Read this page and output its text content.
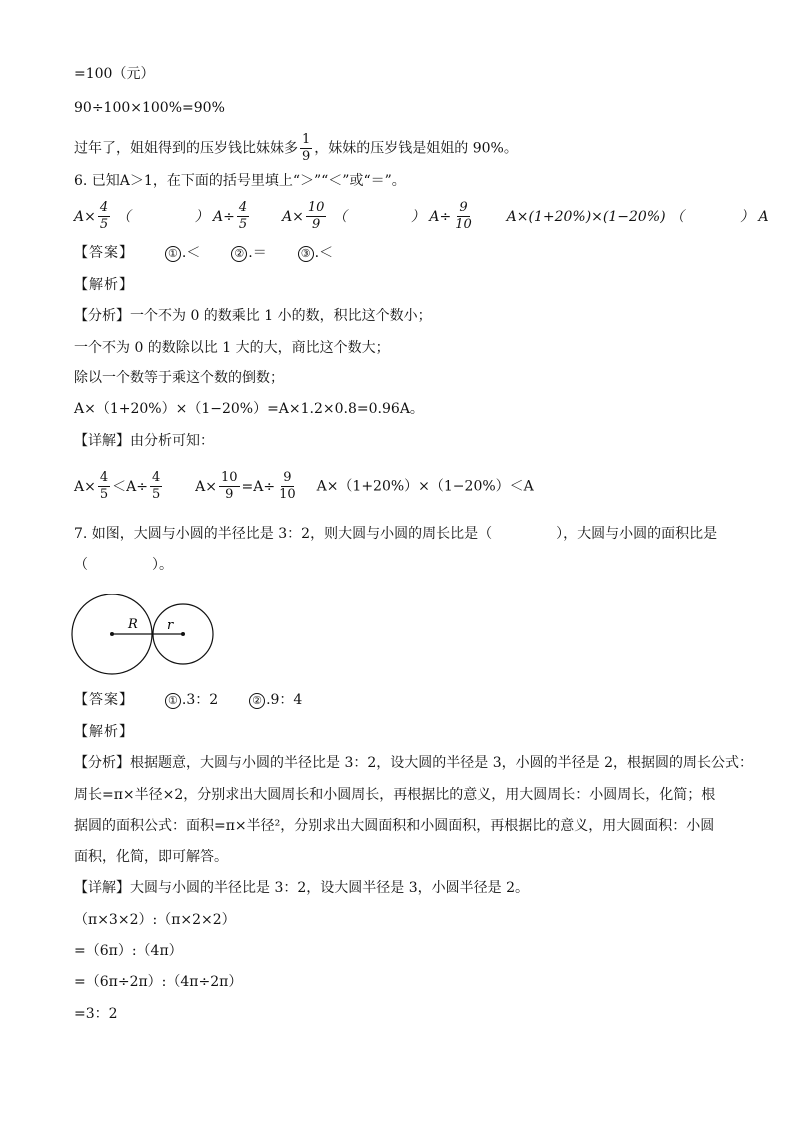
=100（元）
90÷100×100%=90%
过年了，姐姐得到的压岁钱比妹妹多 $\frac{1}{9}$ ，妹妹的压岁钱是姐姐的 90%。
6. 已知A＞1，在下面的括号里填上“＞”“＜”或“＝”。
$A\times \frac{4}{5}$ （	） $A\div \frac{4}{5} A\times \frac{10}{9}$ （	） $A\div \frac{9}{10} A\times(1+20\%)\times(1-20\%)$ （	） A
【答案】	① .＜	② .＝	③ .＜
【解析】
【分析】一个不为 0 的数乘比 1 小的数，积比这个数小；
一个不为 0 的数除以比 1 大的大，商比这个数大；
除以一个数等于乘这个数的倒数；
A×（1+20%）×（1−20%）=A×1.2×0.8=0.96A。
【详解】由分析可知：
$A\times \frac{4}{5} <A\div \frac{4}{5} A\times \frac{10}{9} =A\div \frac{9}{10} A\times(1+20\%)\times(1-20\%)<A$
7. 如图，大圆与小圆的半径比是 3：2，则大圆与小圆的周长比是（	），大圆与小圆的面积比是
（	）。
R r
【答案】	① .3：2	② .9：4
【解析】
【分析】根据题意，大圆与小圆的半径比是 3：2，设大圆的半径是 3，小圆的半径是 2，根据圆的周长公式：
周长=π×半径×2，分别求出大圆周长和小圆周长，再根据比的意义，用大圆周长：小圆周长，化简；根
据圆的面积公式：面积=π×半径²，分别求出大圆面积和小圆面积，再根据比的意义，用大圆面积：小圆
面积，化简，即可解答。
【详解】大圆与小圆的半径比是 3：2，设大圆半径是 3，小圆半径是 2。
（π×3×2）:（π×2×2）
=（6π）:（4π）
=（6π÷2π）:（4π÷2π）
=3：2
